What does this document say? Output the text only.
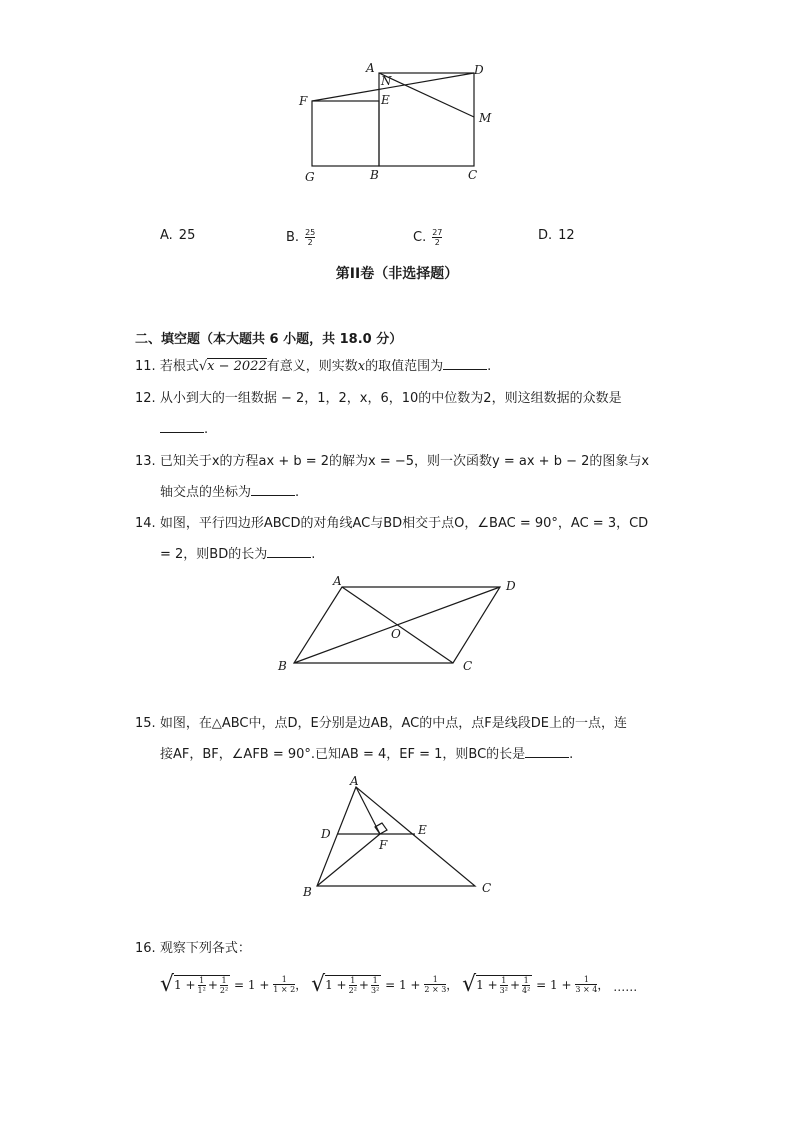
A
N
D
F	E
M
G	B	C
A. 25	B. $\frac{25}{2}$	C. $\frac{27}{2}$	D. 12
第II卷（非选择题）
二、填空题（本大题共 6 小题，共 18.0 分）
11. 若根式√x − 2022有意义，则实数x的取值范围为	.
12. 从小到大的一组数据 − 2，1，2，x，6，10的中位数为2，则这组数据的众数是
.
13. 已知关于x的方程ax + b = 2的解为x = −5，则一次函数y = ax + b − 2的图象与x
轴交点的坐标为	.
14. 如图，平行四边形ABCD的对角线AC与BD相交于点O，∠BAC = 90°，AC = 3，CD
= 2，则BD的长为	.
A	D
O
B	C
15. 如图，在△ABC中，点D，E分别是边AB，AC的中点，点F是线段DE上的一点，连
接AF，BF，∠AFB = 90°.已知AB = 4，EF = 1，则BC的长是	.
A
D	E
F
B	C
16. 观察下列各式：
√ $1 + \frac{1}{\text{1²}} + \frac{1}{\text{2²}} = 1 + \frac{1}{1 \times 2}$ ， √ $1 + \frac{1}{\text{2²}} + \frac{1}{\text{3²}} = 1 + \frac{1}{2 \times 3}$ ， √ $1 + \frac{1}{\text{3²}} + \frac{1}{\text{4²}} = 1 + \frac{1}{3 \times 4}$ ， ……
